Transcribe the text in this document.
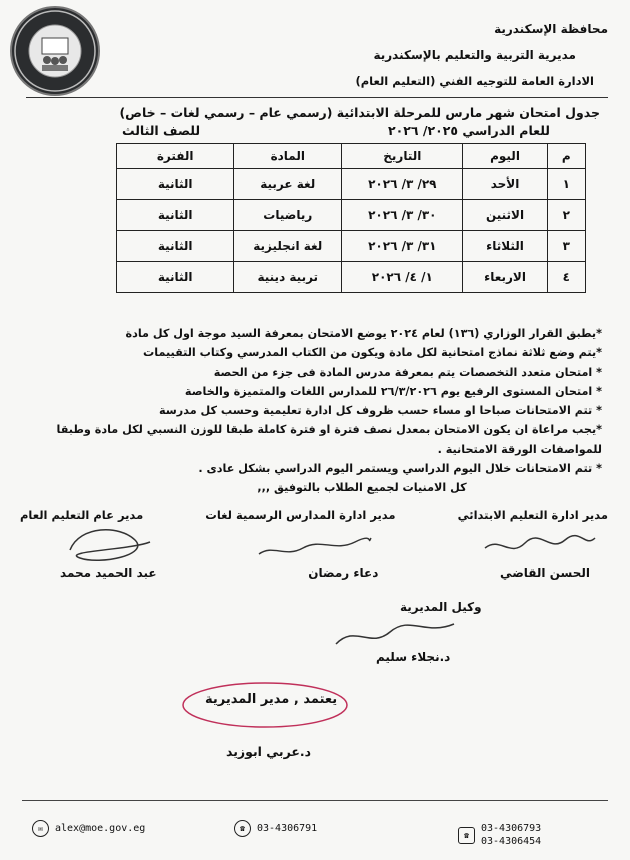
محافظة الإسكندرية
مديرية التربية والتعليم بالإسكندرية
الادارة العامة للتوجيه الفني (التعليم العام)
جدول امتحان شهر مارس للمرحلة الابتدائية (رسمي عام – رسمي لغات – خاص)
للعام الدراسي ٢٠٢٥/ ٢٠٢٦
للصف الثالث
م	اليوم	التاريخ	المادة	الفترة
١	الأحد	٢٩/ ٣/ ٢٠٢٦	لغة عربية	الثانية
٢	الاثنين	٣٠/ ٣/ ٢٠٢٦	رياضيات	الثانية
٣	الثلاثاء	٣١/ ٣/ ٢٠٢٦	لغة انجليزية	الثانية
٤	الاربعاء	١/ ٤/ ٢٠٢٦	تربية دينية	الثانية
*يطبق القرار الوزاري (١٣٦) لعام ٢٠٢٤ يوضع الامتحان بمعرفة السيد موجة اول كل مادة
*يتم وضع ثلاثة نماذج امتحانية لكل مادة ويكون من الكتاب المدرسي وكتاب التقييمات
* امتحان متعدد التخصصات يتم بمعرفة مدرس المادة فى جزء من الحصة
* امتحان المستوى الرفيع يوم ٢٦/٣/٢٠٢٦ للمدارس اللغات والمتميزة والخاصة
* تتم الامتحانات صباحا او مساء حسب ظروف كل ادارة تعليمية وحسب كل مدرسة
*يجب مراعاة ان يكون الامتحان بمعدل نصف فترة او فترة كاملة طبقا للوزن النسبي لكل مادة وطبقا
للمواصفات الورقة الامتحانية .
* تتم الامتحانات خلال اليوم الدراسي ويستمر اليوم الدراسي بشكل عادى .
كل الامنيات لجميع الطلاب بالتوفيق ,,,
مدير ادارة التعليم الابتدائي
مدير ادارة المدارس الرسمية لغات
مدير عام التعليم العام
الحسن القاضي
دعاء رمضان
عبد الحميد محمد
وكيل المديرية
د.نجلاء سليم
يعتمد , مدير المديرية
د.عربي ابوزيد
✉	alex@moe.gov.eg	☎	03-4306791
☎
03-4306793
03-4306454
